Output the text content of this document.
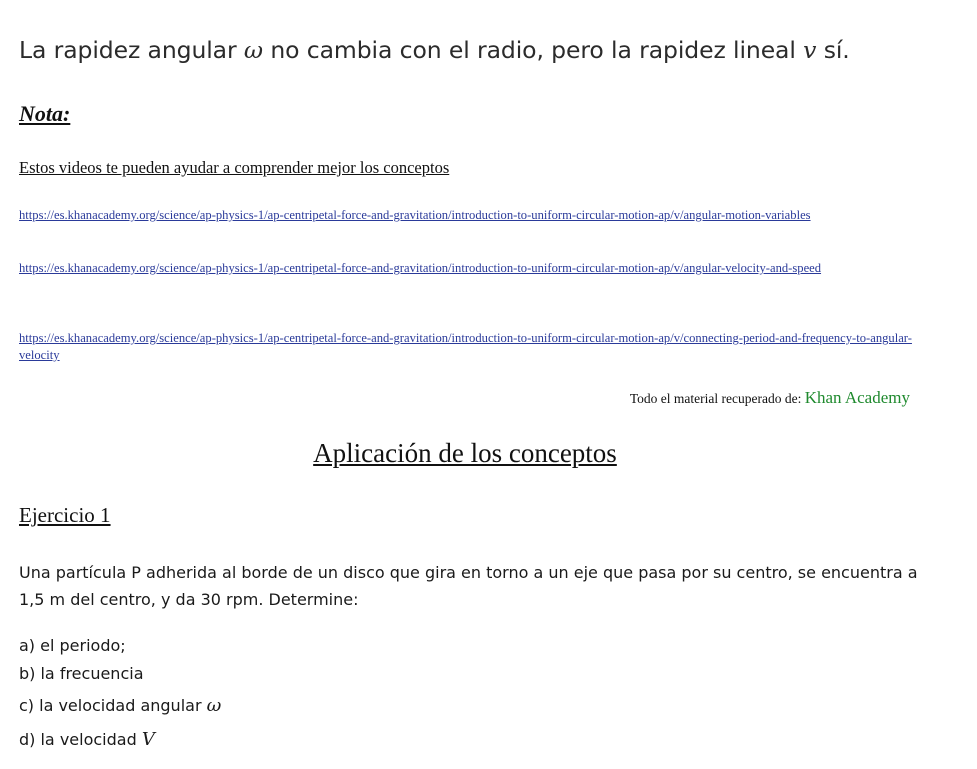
La rapidez angular ω no cambia con el radio, pero la rapidez lineal v sí.
Nota:
Estos videos te pueden ayudar a comprender mejor los conceptos
https://es.khanacademy.org/science/ap-physics-1/ap-centripetal-force-and-gravitation/introduction-to-uniform-circular-motion-ap/v/angular-motion-variables
https://es.khanacademy.org/science/ap-physics-1/ap-centripetal-force-and-gravitation/introduction-to-uniform-circular-motion-ap/v/angular-velocity-and-speed
https://es.khanacademy.org/science/ap-physics-1/ap-centripetal-force-and-gravitation/introduction-to-uniform-circular-motion-ap/v/connecting-period-and-frequency-to-angular-velocity
Todo el material recuperado de: Khan Academy
Aplicación de los conceptos
Ejercicio 1
Una partícula P adherida al borde de un disco que gira en torno a un eje que pasa por su centro, se encuentra a 1,5 m del centro, y da 30 rpm. Determine:
a) el periodo;
b) la frecuencia
c) la velocidad angular ω
d) la velocidad V
